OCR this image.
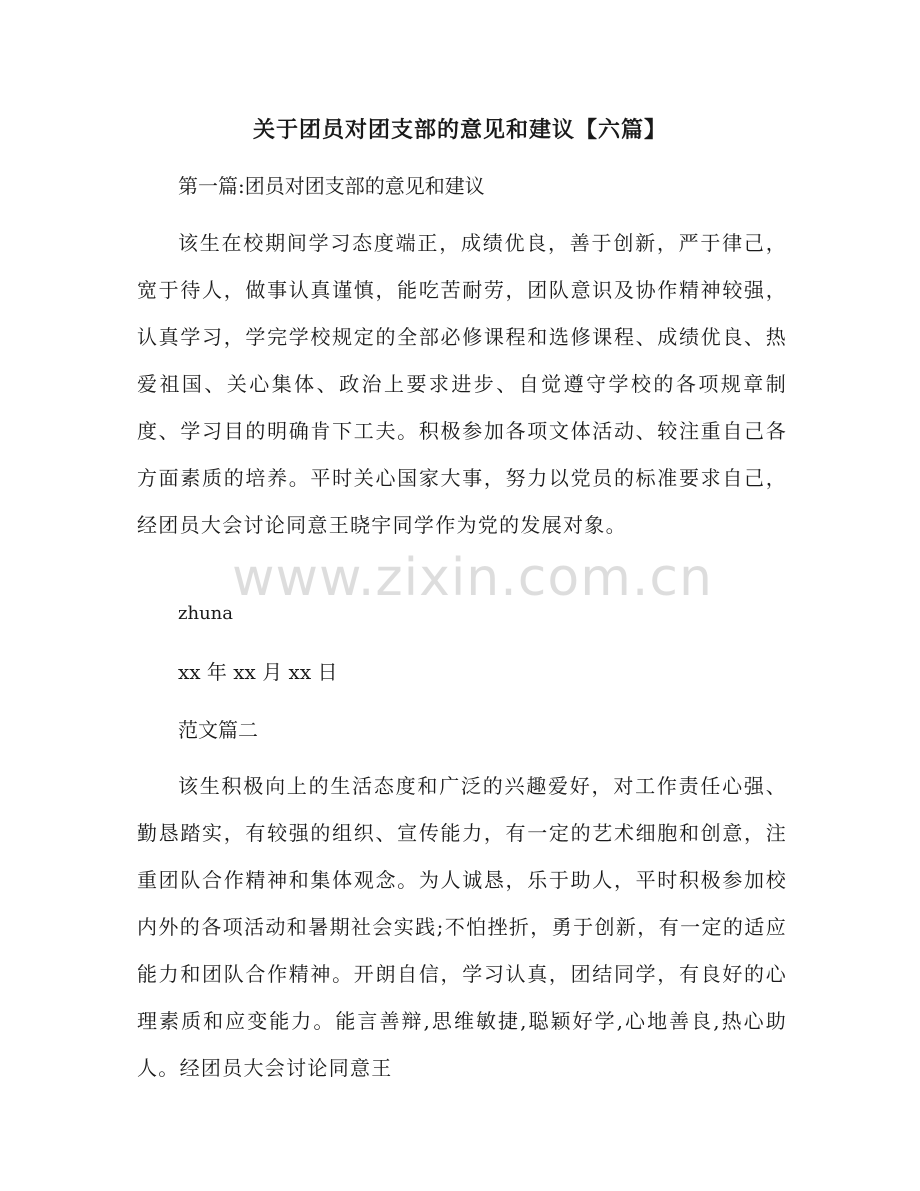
关于团员对团支部的意见和建议【六篇】
第一篇:团员对团支部的意见和建议

该生在校期间学习态度端正，成绩优良，善于创新，严于律己，宽于待人，做事认真谨慎，能吃苦耐劳，团队意识及协作精神较强，认真学习，学完学校规定的全部必修课程和选修课程、成绩优良、热爱祖国、关心集体、政治上要求进步、自觉遵守学校的各项规章制度、学习目的明确肯下工夫。积极参加各项文体活动、较注重自己各方面素质的培养。平时关心国家大事，努力以党员的标准要求自己，经团员大会讨论同意王晓宇同学作为党的发展对象。

zhuna
xx 年 xx 月 xx 日
范文篇二

该生积极向上的生活态度和广泛的兴趣爱好，对工作责任心强、勤恳踏实，有较强的组织、宣传能力，有一定的艺术细胞和创意，注重团队合作精神和集体观念。为人诚恳，乐于助人，平时积极参加校内外的各项活动和暑期社会实践;不怕挫折，勇于创新，有一定的适应能力和团队合作精神。开朗自信，学习认真，团结同学，有良好的心理素质和应变能力。能言善辩,思维敏捷,聪颖好学,心地善良,热心助人。经团员大会讨论同意王

www.zixin.com.cn
